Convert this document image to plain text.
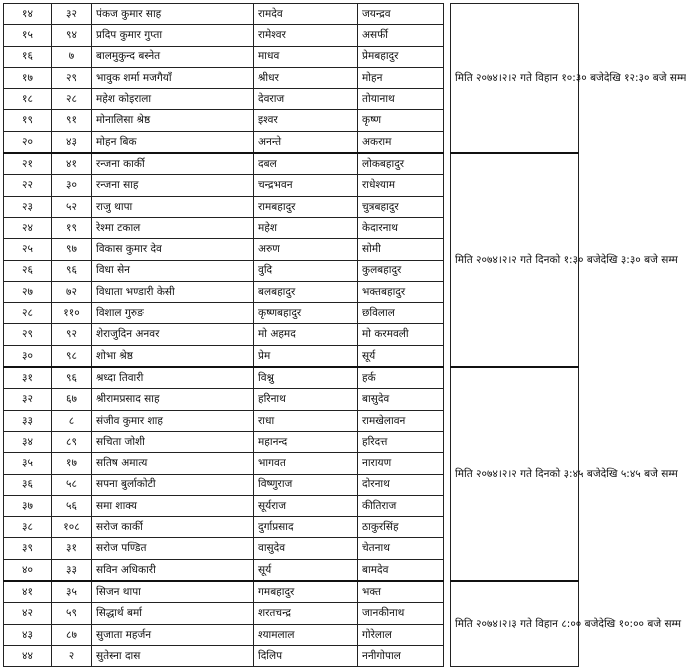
१४	३२	पंकज कुमार साह	रामदेव	जयन्द्रव		मिति २०७४।२।२ गते विहान १०:३० बजेदेखि १२:३० बजे सम्म
१५	९४	प्रदिप कुमार गुप्ता	रामेश्वर	असर्फी		
१६	७	बालमुकुन्द बस्नेत	माधव	प्रेमबहादुर		
१७	२९	भावुक शर्मा मजगैयाँ	श्रीधर	मोहन		
१८	२८	महेश कोइराला	देवराज	तोयानाथ		
१९	९१	मोनालिसा श्रेष्ठ	इश्वर	कृष्ण		
२०	४३	मोहन बिक	अनन्ते	अकराम		
२१	४१	रन्जना कार्की	दबल	लोकबहादुर		मिति २०७४।२।२ गते दिनको १:३० बजेदेखि ३:३० बजे सम्म
२२	३०	रन्जना साह	चन्द्रभवन	राधेश्याम		
२३	५२	राजु थापा	रामबहादुर	चुत्रबहादुर		
२४	१९	रेश्मा टकाल	महेश	केदारनाथ		
२५	९७	विकास कुमार देव	अरुण	सोमी		
२६	९६	विधा सेन	वुदि	कुलबहादुर		
२७	७२	विधाता भण्डारी केसी	बलबहादुर	भक्तबहादुर		
२८	११०	विशाल गुरुङ	कृष्णबहादुर	छविलाल		
२९	९२	शेराजुदिन अनवर	मो अहमद	मो करमवली		
३०	९८	शोभा श्रेष्ठ	प्रेम	सूर्य		
३१	९६	श्रध्दा तिवारी	विश्नु	हर्क		मिति २०७४।२।२ गते दिनको ३:४५ बजेदेखि ५:४५ बजे सम्म
३२	६७	श्रीरामप्रसाद साह	हरिनाथ	बासुदेव		
३३	८	संजीव कुमार शाह	राधा	रामखेलावन		
३४	८९	सचिता जोशी	महानन्द	हरिदत्त		
३५	१७	सतिष अमात्य	भागवत	नारायण		
३६	५८	सपना बुर्लाकोटी	विष्णुराज	दोरनाथ		
३७	५६	समा शाक्य	सूर्यराज	कीतिराज		
३८	१०८	सरोज कार्की	दुर्गाप्रसाद	ठाकुरसिंह		
३९	३१	सरोज पण्डित	वासुदेव	चेतनाथ		
४०	३३	सविन अधिकारी	सूर्य	बामदेव		
४१	३५	सिजन थापा	गमबहादुर	भक्त		मिति २०७४।२।३ गते विहान ८:०० बजेदेखि १०:०० बजे सम्म
४२	५९	सिद्धार्थ बर्मा	शरतचन्द्र	जानकीनाथ		
४३	८७	सुजाता महर्जन	श्यामलाल	गोरेलाल		
४४	२	सुतेस्ना दास	दिलिप	ननीगोपाल		
